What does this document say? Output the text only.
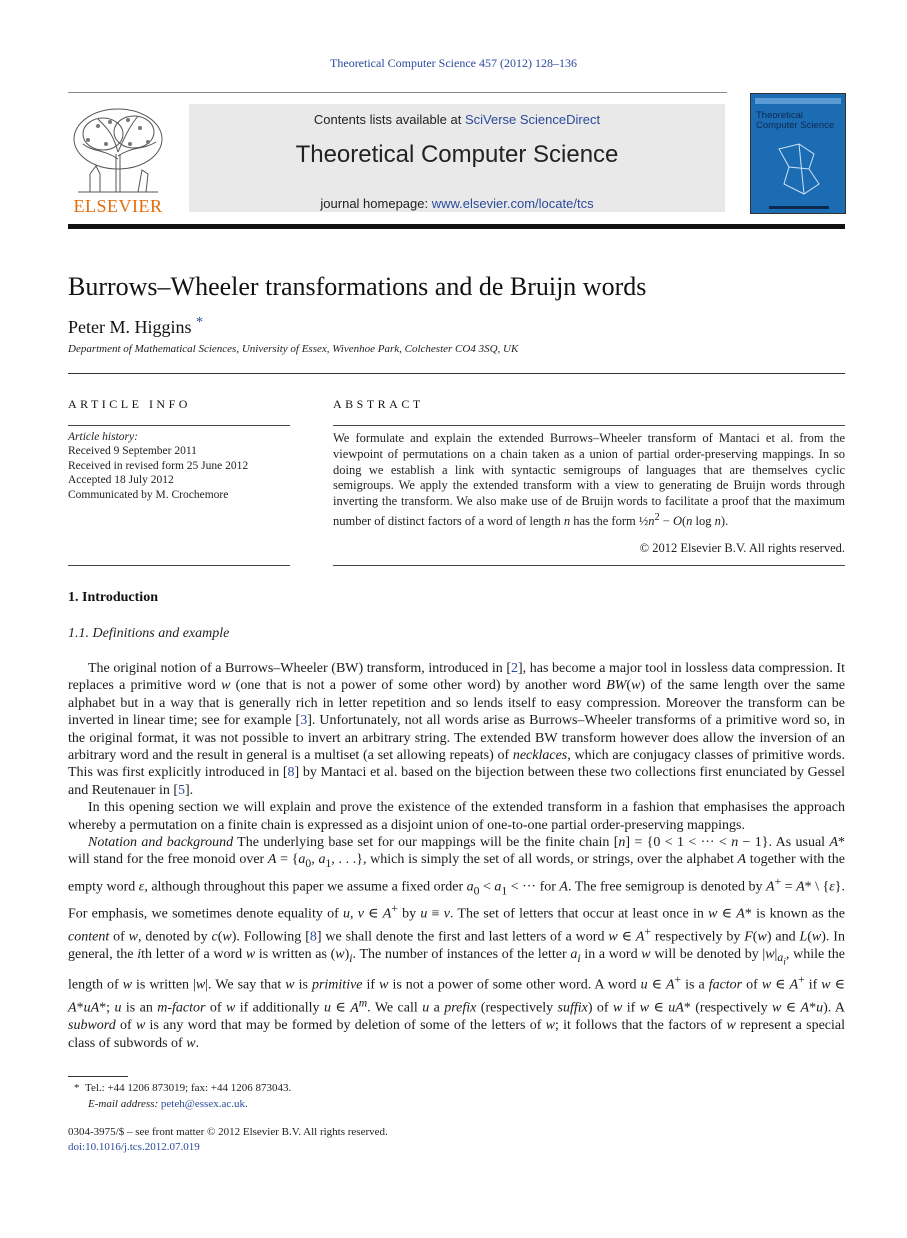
Theoretical Computer Science 457 (2012) 128–136
ELSEVIER
Contents lists available at SciVerse ScienceDirect
Theoretical Computer Science
journal homepage: www.elsevier.com/locate/tcs
Theoretical Computer Science
Burrows–Wheeler transformations and de Bruijn words
Peter M. Higgins *
Department of Mathematical Sciences, University of Essex, Wivenhoe Park, Colchester CO4 3SQ, UK
ARTICLE INFO
Article history:
Received 9 September 2011
Received in revised form 25 June 2012
Accepted 18 July 2012
Communicated by M. Crochemore
ABSTRACT
We formulate and explain the extended Burrows–Wheeler transform of Mantaci et al. from the viewpoint of permutations on a chain taken as a union of partial order-preserving mappings. In so doing we establish a link with syntactic semigroups of languages that are themselves cyclic semigroups. We apply the extended transform with a view to generating de Bruijn words through inverting the transform. We also make use of de Bruijn words to facilitate a proof that the maximum number of distinct factors of a word of length n has the form $\frac{1}{2}n^2 - O(n$ log n).
© 2012 Elsevier B.V. All rights reserved.
1. Introduction
1.1. Definitions and example

The original notion of a Burrows–Wheeler (BW) transform, introduced in [2], has become a major tool in lossless data compression. It replaces a primitive word w (one that is not a power of some other word) by another word BW(w) of the same length over the same alphabet but in a way that is generally rich in letter repetition and so lends itself to easy compression. Moreover the transform can be inverted in linear time; see for example [3]. Unfortunately, not all words arise as Burrows–Wheeler transforms of a primitive word so, in the original format, it was not possible to invert an arbitrary string. The extended BW transform however does allow the inversion of an arbitrary word and the result in general is a multiset (a set allowing repeats) of necklaces, which are conjugacy classes of primitive words. This was first explicitly introduced in [8] by Mantaci et al. based on the bijection between these two collections first enunciated by Gessel and Reutenauer in [5].

In this opening section we will explain and prove the existence of the extended transform in a fashion that emphasises the approach whereby a permutation on a finite chain is expressed as a disjoint union of one-to-one partial order-preserving mappings.

Notation and background The underlying base set for our mappings will be the finite chain [n] = {0 < 1 < ··· < n − 1}. As usual A* will stand for the free monoid over $A = \{a_0$, $a_1$, . . .}, which is simply the set of all words, or strings, over the alphabet A together with the empty word ε, although throughout this paper we assume a fixed order $a_0 < a_1$ < ··· for A. The free semigroup is denoted by A+ = A* \ {ε}. For emphasis, we sometimes denote equality of u, v ∈ A+ by u ≡ v. The set of letters that occur at least once in w ∈ A* is known as the content of w, denoted by c(w). Following [8] we shall denote the first and last letters of a word w ∈ A+ respectively by F(w) and L(w). In general, the ith letter of a word w is written as $(w)_i$. The number of instances of the letter $a_i$ in a word w will be denoted by $|w|_{a_i}$, while the length of w is written |w|. We say that w is primitive if w is not a power of some other word. A word u ∈ A+ is a factor of w ∈ A+ if w ∈ A*uA*; u is an m-factor of w if additionally u ∈ $A^m$. We call u a prefix (respectively suffix) of w if w ∈ uA* (respectively w ∈ A*u). A subword of w is any word that may be formed by deletion of some of the letters of w; it follows that the factors of w represent a special class of subwords of w.

* Tel.: +44 1206 873019; fax: +44 1206 873043.
E-mail address: peteh@essex.ac.uk.
0304-3975/$ – see front matter © 2012 Elsevier B.V. All rights reserved.
doi:10.1016/j.tcs.2012.07.019
